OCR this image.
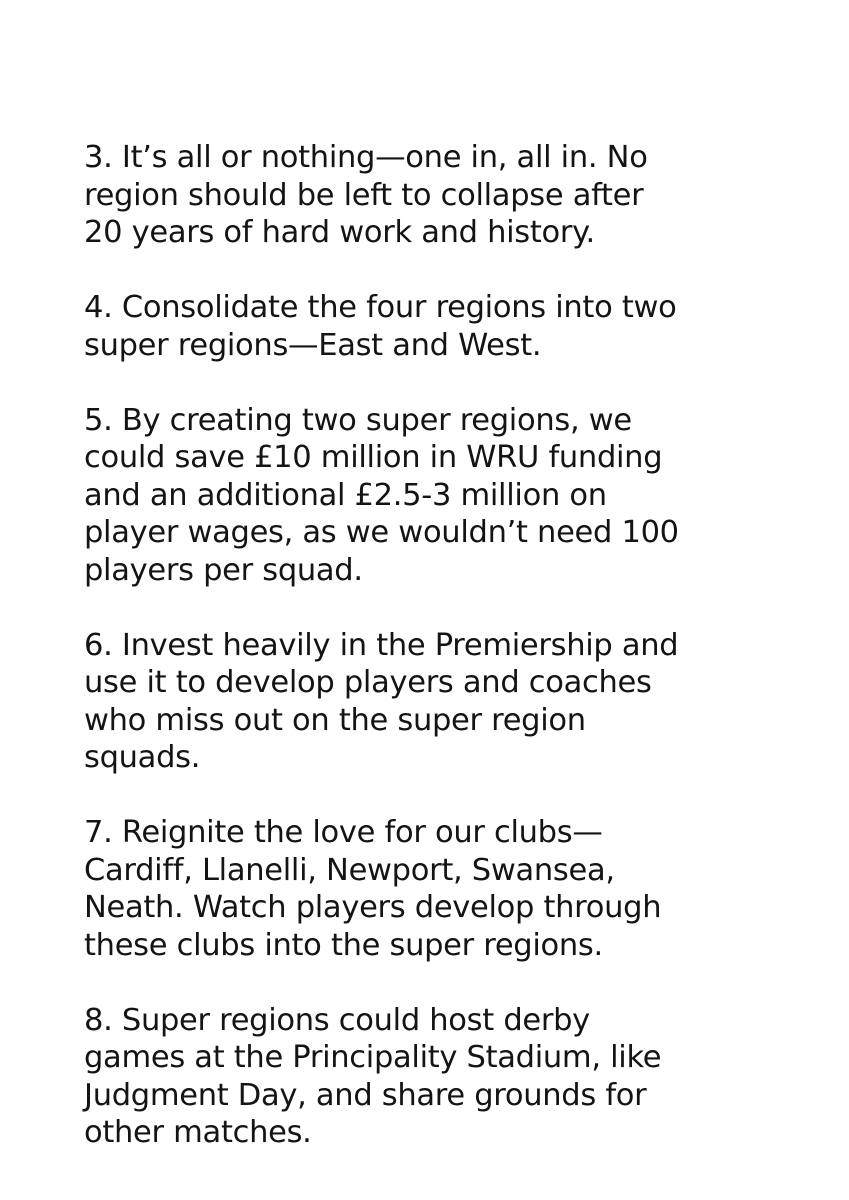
3. It’s all or nothing—one in, all in. No
region should be left to collapse after
20 years of hard work and history.
4. Consolidate the four regions into two
super regions—East and West.
5. By creating two super regions, we
could save £10 million in WRU funding
and an additional £2.5-3 million on
player wages, as we wouldn’t need 100
players per squad.
6. Invest heavily in the Premiership and
use it to develop players and coaches
who miss out on the super region
squads.
7. Reignite the love for our clubs—
Cardiff, Llanelli, Newport, Swansea,
Neath. Watch players develop through
these clubs into the super regions.
8. Super regions could host derby
games at the Principality Stadium, like
Judgment Day, and share grounds for
other matches.
